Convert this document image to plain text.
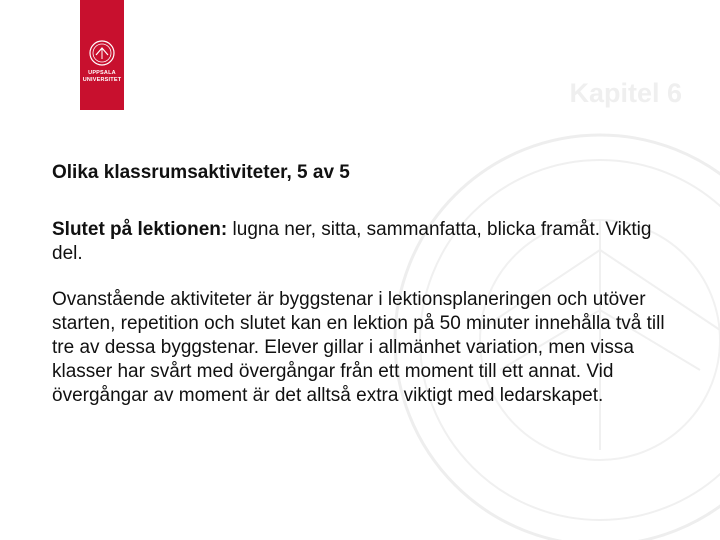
UPPSALA
UNIVERSITET	Kapitel 6

Olika klassrumsaktiviteter, 5 av 5

Slutet på lektionen: lugna ner, sitta, sammanfatta, blicka framåt. Viktig del.

Ovanstående aktiviteter är byggstenar i lektionsplaneringen och utöver starten, repetition och slutet kan en lektion på 50 minuter innehålla två till tre av dessa byggstenar. Elever gillar i allmänhet variation, men vissa klasser har svårt med övergångar från ett moment till ett annat. Vid övergångar av moment är det alltså extra viktigt med ledarskapet.
